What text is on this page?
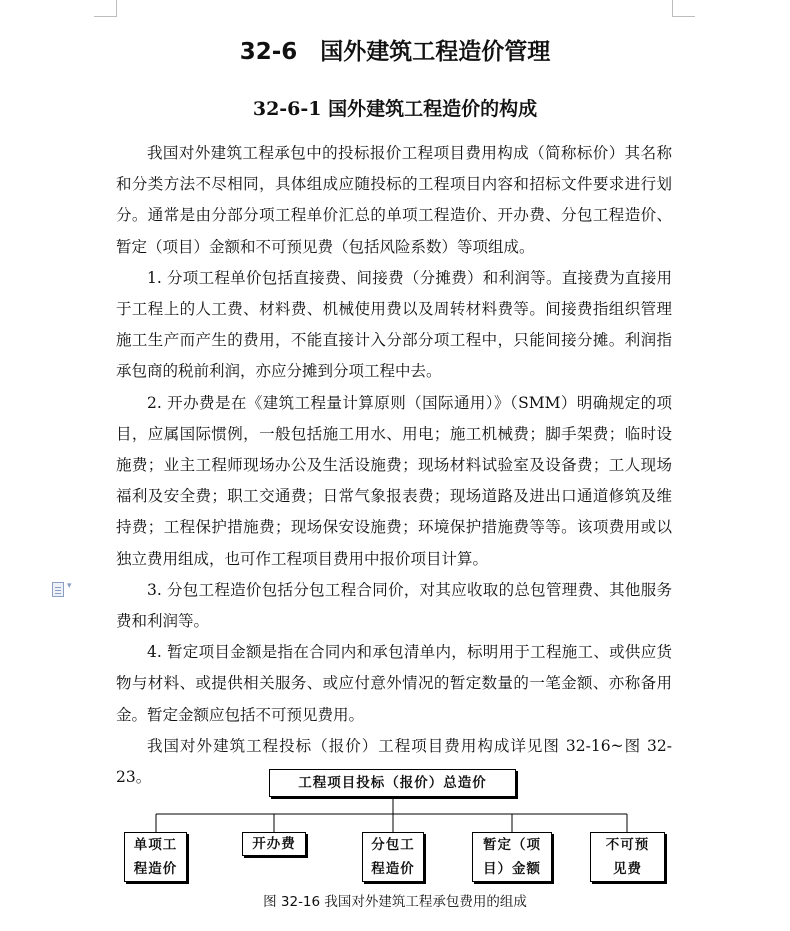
32-6　国外建筑工程造价管理
32-6-1 国外建筑工程造价的构成

我国对外建筑工程承包中的投标报价工程项目费用构成（简称标价）其名称和分类方法不尽相同，具体组成应随投标的工程项目内容和招标文件要求进行划分。通常是由分部分项工程单价汇总的单项工程造价、开办费、分包工程造价、暂定（项目）金额和不可预见费（包括风险系数）等项组成。

1. 分项工程单价包括直接费、间接费（分摊费）和利润等。直接费为直接用于工程上的人工费、材料费、机械使用费以及周转材料费等。间接费指组织管理施工生产而产生的费用，不能直接计入分部分项工程中，只能间接分摊。利润指承包商的税前利润，亦应分摊到分项工程中去。

2. 开办费是在《建筑工程量计算原则（国际通用）》（SMM）明确规定的项目，应属国际惯例，一般包括施工用水、用电；施工机械费；脚手架费；临时设施费；业主工程师现场办公及生活设施费；现场材料试验室及设备费；工人现场福利及安全费；职工交通费；日常气象报表费；现场道路及进出口通道修筑及维持费；工程保护措施费；现场保安设施费；环境保护措施费等等。该项费用或以独立费用组成，也可作工程项目费用中报价项目计算。

3. 分包工程造价包括分包工程合同价，对其应收取的总包管理费、其他服务费和利润等。

4. 暂定项目金额是指在合同内和承包清单内，标明用于工程施工、或供应货物与材料、或提供相关服务、或应付意外情况的暂定数量的一笔金额、亦称备用金。暂定金额应包括不可预见费用。

我国对外建筑工程投标（报价）工程项目费用构成详见图 32-16~图 32-23。

▾
工程项目投标（报价）总造价
单项工
程造价
开办费	分包工
程造价
暂定（项
目）金额
不可预
见费
图 32-16 我国对外建筑工程承包费用的组成
